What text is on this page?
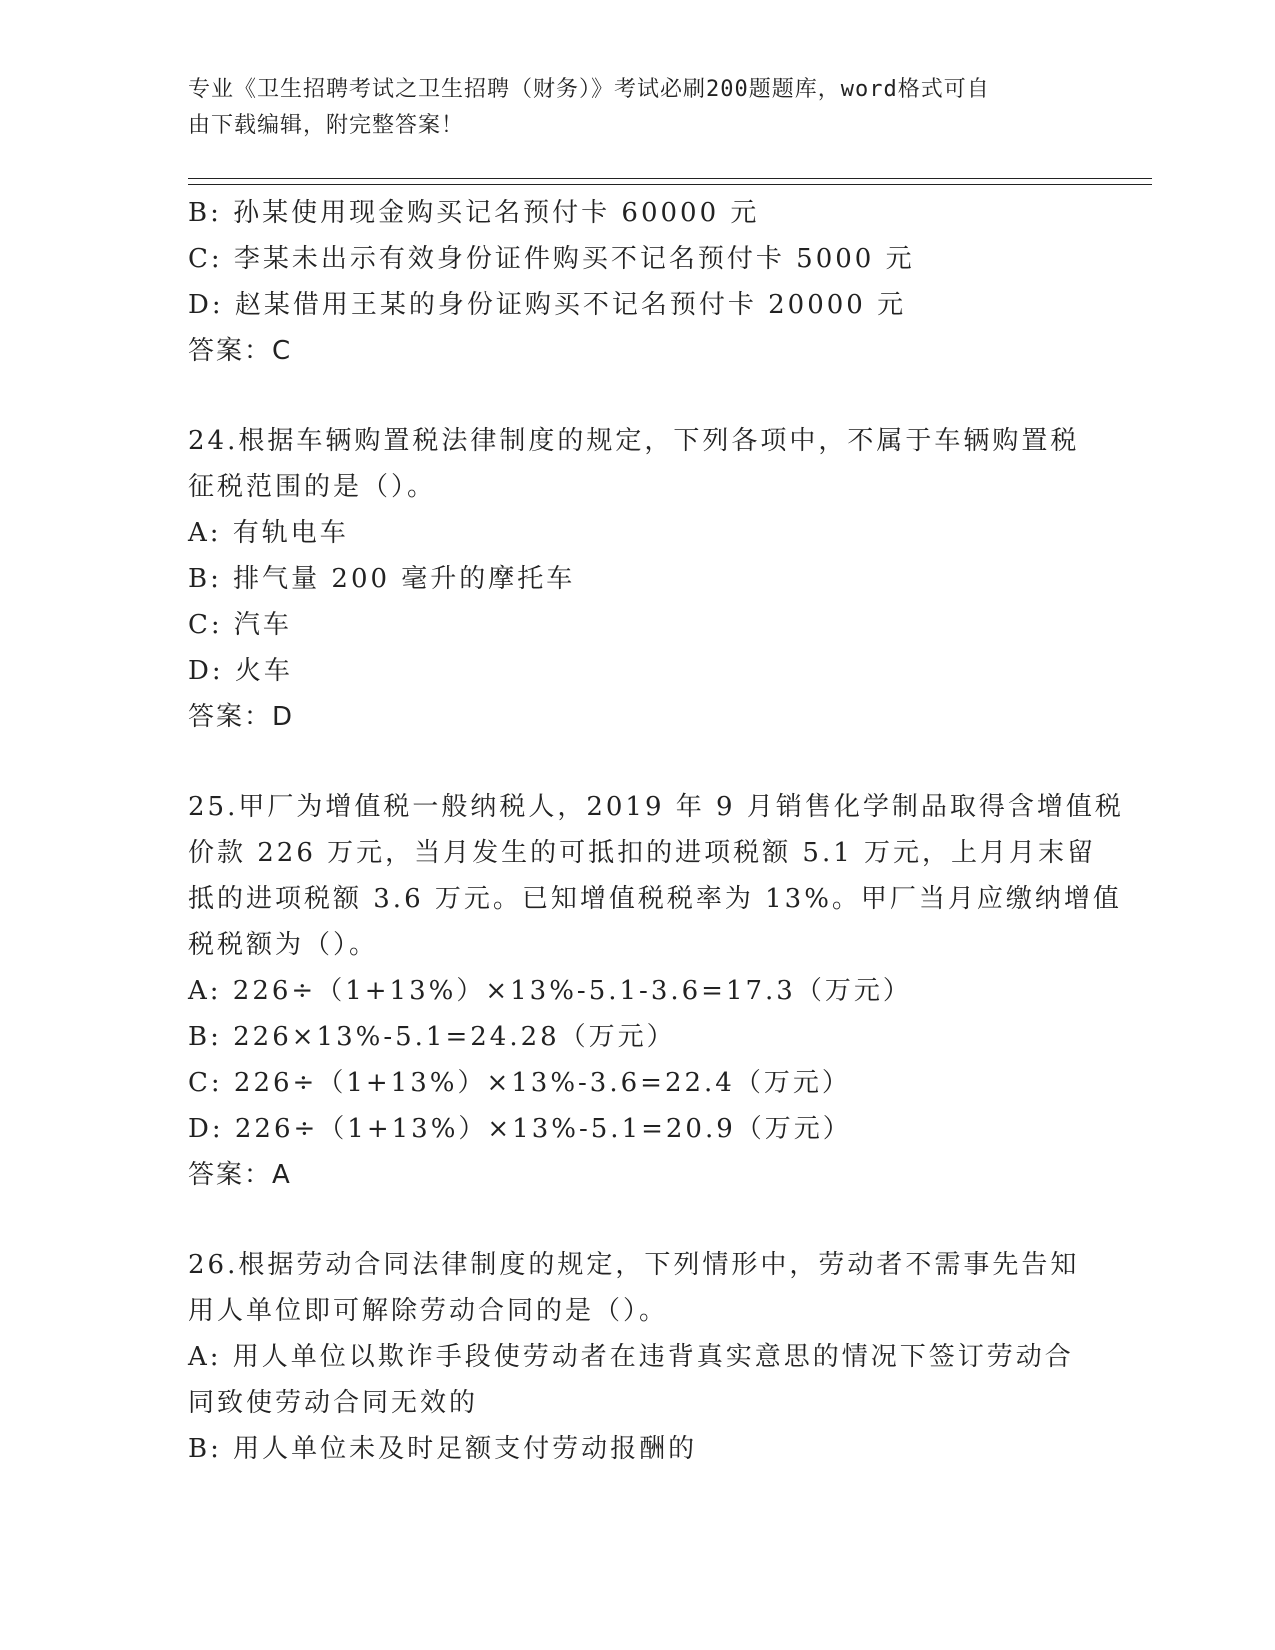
专业《卫生招聘考试之卫生招聘（财务）》考试必刷200题题库，word格式可自
由下载编辑，附完整答案！
B: 孙某使用现金购买记名预付卡 60000 元
C: 李某未出示有效身份证件购买不记名预付卡 5000 元
D: 赵某借用王某的身份证购买不记名预付卡 20000 元
答案：C
24.根据车辆购置税法律制度的规定，下列各项中，不属于车辆购置税
征税范围的是（）。
A: 有轨电车
B: 排气量 200 毫升的摩托车
C: 汽车
D: 火车
答案：D
25.甲厂为增值税一般纳税人，2019 年 9 月销售化学制品取得含增值税
价款 226 万元，当月发生的可抵扣的进项税额 5.1 万元，上月月末留
抵的进项税额 3.6 万元。已知增值税税率为 13%。甲厂当月应缴纳增值
税税额为（）。
A: 226÷（1+13%）×13%-5.1-3.6=17.3（万元）
B: 226×13%-5.1=24.28（万元）
C: 226÷（1+13%）×13%-3.6=22.4（万元）
D: 226÷（1+13%）×13%-5.1=20.9（万元）
答案：A
26.根据劳动合同法律制度的规定，下列情形中，劳动者不需事先告知
用人单位即可解除劳动合同的是（）。
A: 用人单位以欺诈手段使劳动者在违背真实意思的情况下签订劳动合
同致使劳动合同无效的
B: 用人单位未及时足额支付劳动报酬的
